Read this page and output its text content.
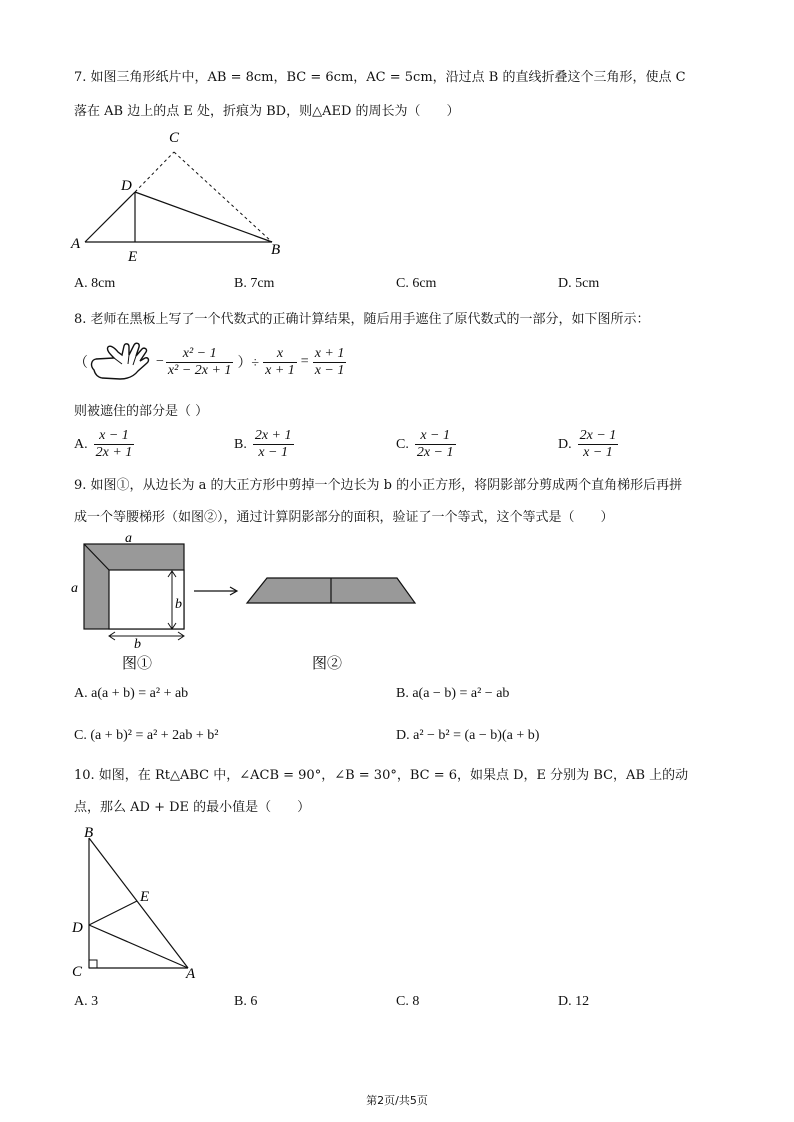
7. 如图三角形纸片中，AB = 8cm，BC = 6cm，AC = 5cm，沿过点 B 的直线折叠这个三角形，使点 C
落在 AB 边上的点 E 处，折痕为 BD，则△AED 的周长为（　　）
C
D
A
E	B
A. 8cm	B. 7cm	C. 6cm	D. 5cm
8. 老师在黑板上写了一个代数式的正确计算结果，随后用手遮住了原代数式的一部分，如下图所示：
（	− $\frac{\text{x² − 1}}{\text{x² − 2x + 1}}$ ）÷ $\frac{x}{x + 1} = \frac{x + 1}{x - 1}$
则被遮住的部分是（ ）
A. $\frac{x - 1}{2x + 1}$	B. $\frac{2x + 1}{x - 1}$	C. $\frac{x - 1}{2x - 1}$	D. $\frac{2x - 1}{x - 1}$
9. 如图①，从边长为 a 的大正方形中剪掉一个边长为 b 的小正方形，将阴影部分剪成两个直角梯形后再拼
成一个等腰梯形（如图②），通过计算阴影部分的面积，验证了一个等式，这个等式是（　　）
a
a
b
b
图①	图②
A. a(a + b) = a² + ab	B. a(a − b) = a² − ab
C. (a + b)² = a² + 2ab + b²	D. a² − b² = (a − b)(a + b)
10. 如图，在 Rt△ABC 中，∠ACB = 90°，∠B = 30°，BC = 6，如果点 D，E 分别为 BC，AB 上的动
点，那么 AD + DE 的最小值是（　　）
B
E
D
C	A
A. 3	B. 6	C. 8	D. 12
第2页/共5页
